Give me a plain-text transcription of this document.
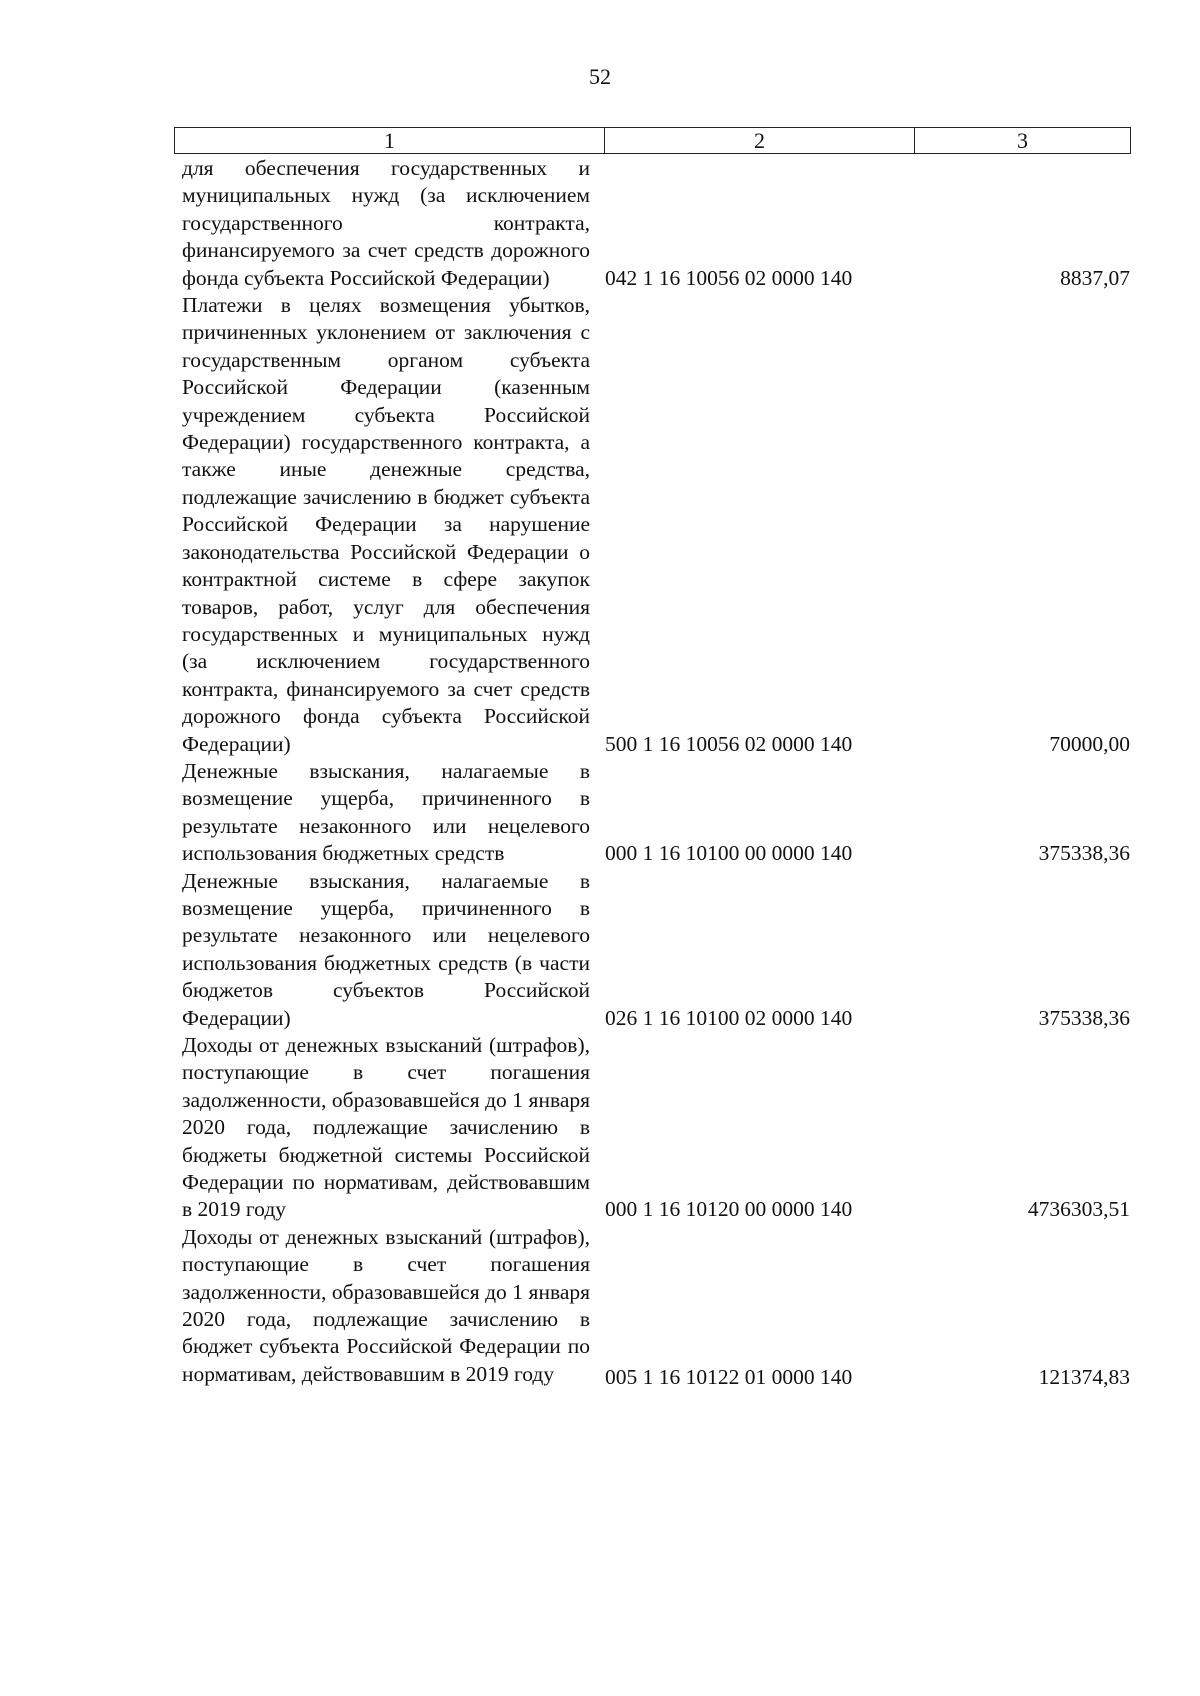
52
1	2	3
для обеспечения государственных и муниципальных нужд (за исключением государственного контракта, финансируемого за счет средств дорожного фонда субъекта Российской Федерации)	042 1 16 10056 02 0000 140	8837,07
Платежи в целях возмещения убытков, причиненных уклонением от заключения с государственным органом субъекта Российской Федерации (казенным учреждением субъекта Российской Федерации) государственного контракта, а также иные денежные средства, подлежащие зачислению в бюджет субъекта Российской Федерации за нарушение законодательства Российской Федерации о контрактной системе в сфере закупок товаров, работ, услуг для обеспечения государственных и муниципальных нужд (за исключением государственного контракта, финансируемого за счет средств дорожного фонда субъекта Российской Федерации)	500 1 16 10056 02 0000 140	70000,00
Денежные взыскания, налагаемые в возмещение ущерба, причиненного в результате незаконного или нецелевого использования бюджетных средств	000 1 16 10100 00 0000 140	375338,36
Денежные взыскания, налагаемые в возмещение ущерба, причиненного в результате незаконного или нецелевого использования бюджетных средств (в части бюджетов субъектов Российской Федерации)	026 1 16 10100 02 0000 140	375338,36
Доходы от денежных взысканий (штрафов), поступающие в счет погашения задолженности, образовавшейся до 1 января 2020 года, подлежащие зачислению в бюджеты бюджетной системы Российской Федерации по нормативам, действовавшим в 2019 году	000 1 16 10120 00 0000 140	4736303,51
Доходы от денежных взысканий (штрафов), поступающие в счет погашения задолженности, образовавшейся до 1 января 2020 года, подлежащие зачислению в бюджет субъекта Российской Федерации по нормативам, действовавшим в 2019 году	005 1 16 10122 01 0000 140	121374,83
